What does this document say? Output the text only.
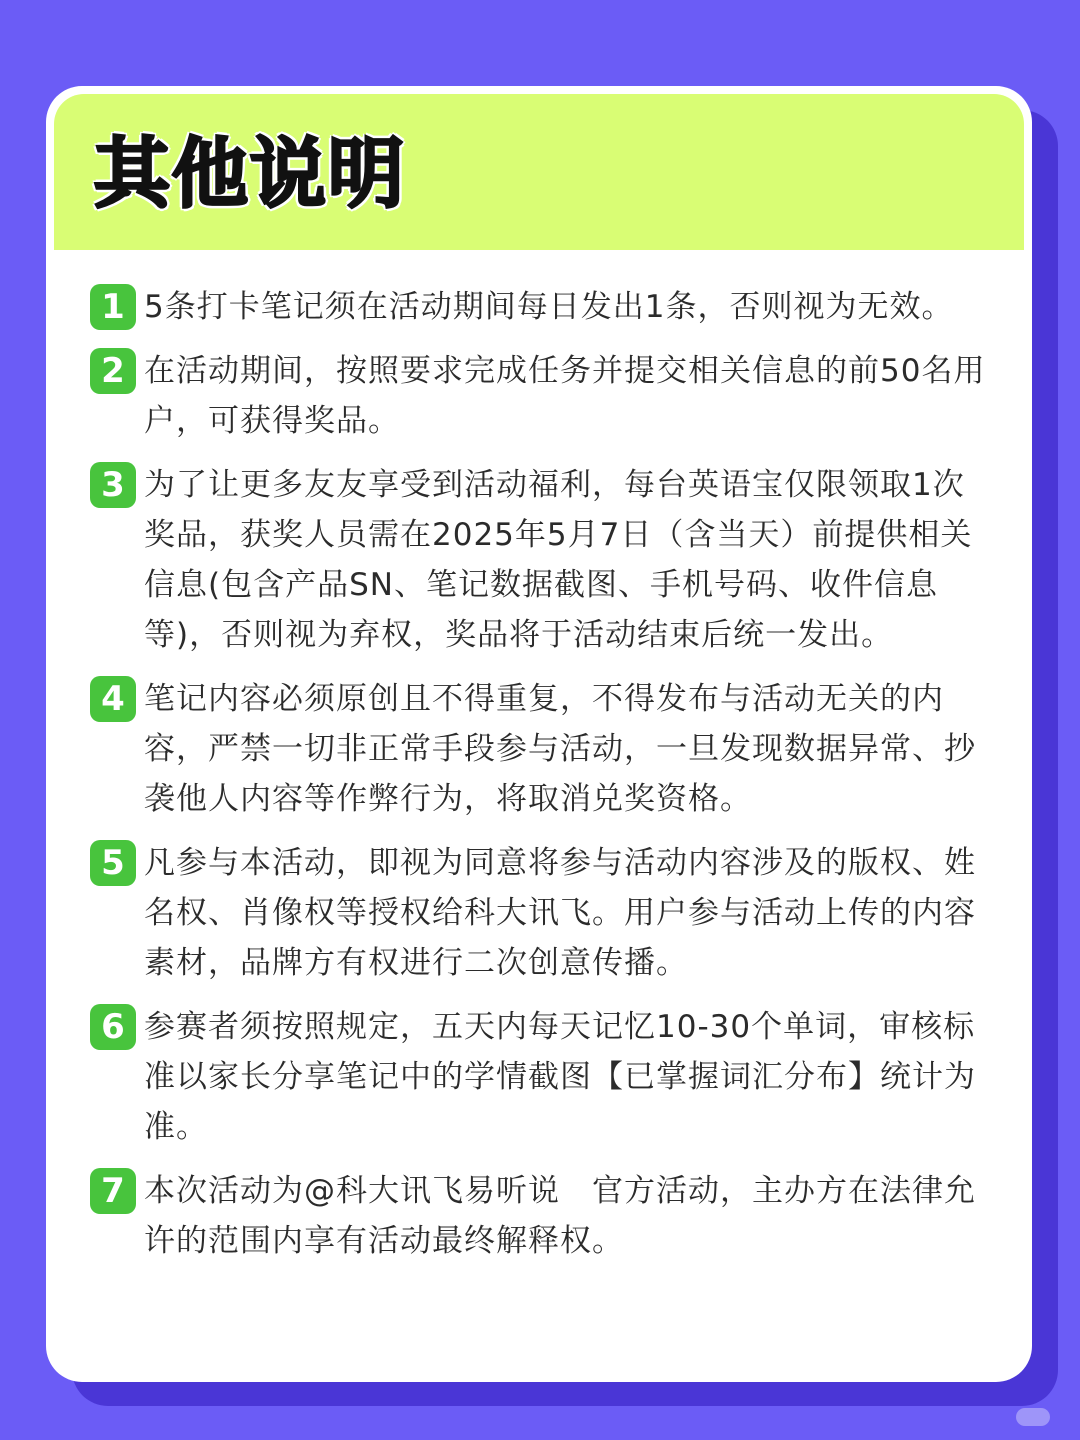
其他说明
1 5条打卡笔记须在活动期间每日发出1条，否则视为无效。
2 在活动期间，按照要求完成任务并提交相关信息的前50名用户，可获得奖品。
3 为了让更多友友享受到活动福利，每台英语宝仅限领取1次奖品，获奖人员需在2025年5月7日（含当天）前提供相关信息(包含产品SN、笔记数据截图、手机号码、收件信息等)，否则视为弃权，奖品将于活动结束后统一发出。
4 笔记内容必须原创且不得重复，不得发布与活动无关的内容，严禁一切非正常手段参与活动，一旦发现数据异常、抄袭他人内容等作弊行为，将取消兑奖资格。
5 凡参与本活动，即视为同意将参与活动内容涉及的版权、姓名权、肖像权等授权给科大讯飞。用户参与活动上传的内容素材，品牌方有权进行二次创意传播。
6 参赛者须按照规定，五天内每天记忆10-30个单词，审核标准以家长分享笔记中的学情截图【已掌握词汇分布】统计为准。
7 本次活动为@科大讯飞易听说　官方活动，主办方在法律允许的范围内享有活动最终解释权。
